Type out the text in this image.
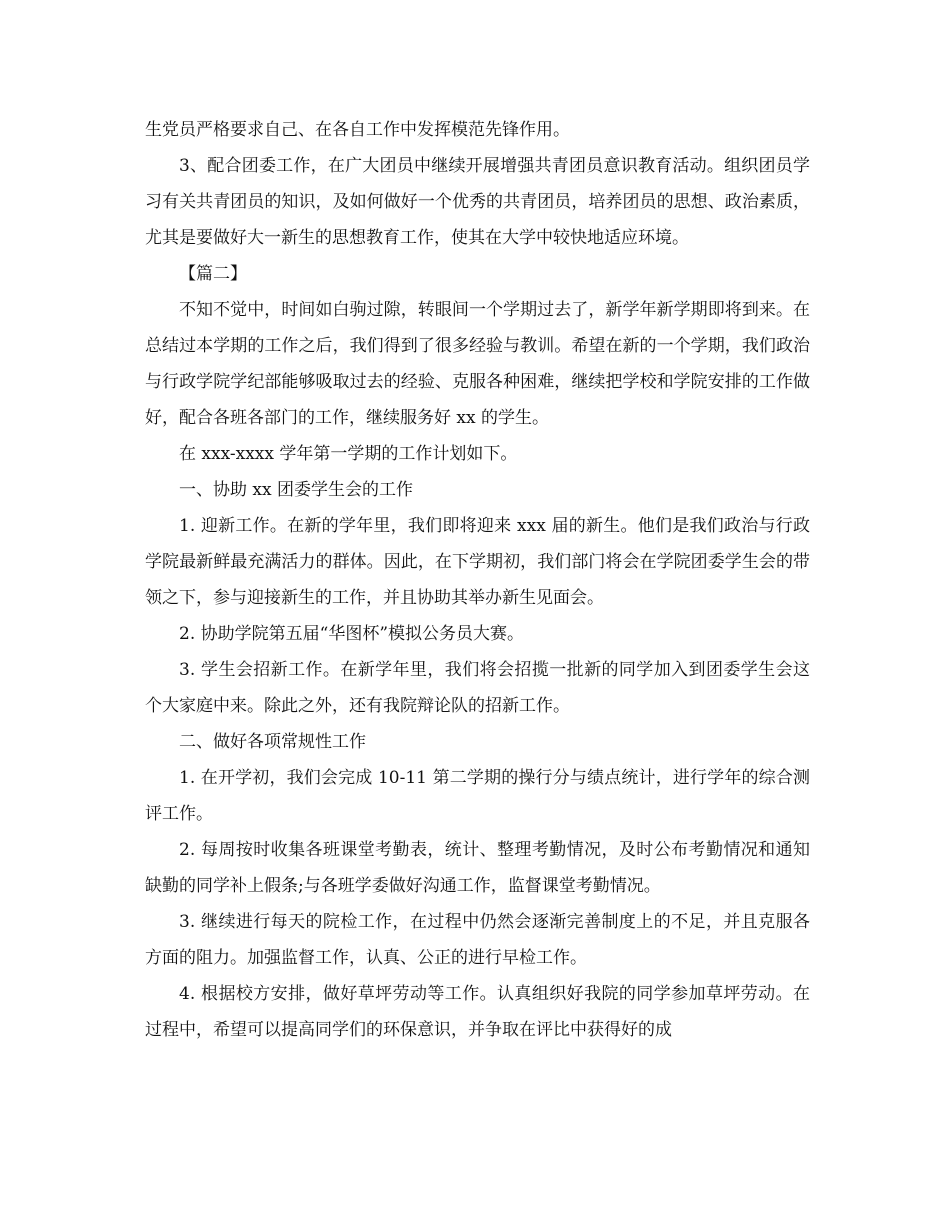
生党员严格要求自己、在各自工作中发挥模范先锋作用。

3、配合团委工作，在广大团员中继续开展增强共青团员意识教育活动。组织团员学习有关共青团员的知识，及如何做好一个优秀的共青团员，培养团员的思想、政治素质，尤其是要做好大一新生的思想教育工作，使其在大学中较快地适应环境。

【篇二】

不知不觉中，时间如白驹过隙，转眼间一个学期过去了，新学年新学期即将到来。在总结过本学期的工作之后，我们得到了很多经验与教训。希望在新的一个学期，我们政治与行政学院学纪部能够吸取过去的经验、克服各种困难，继续把学校和学院安排的工作做好，配合各班各部门的工作，继续服务好 xx 的学生。

在 xxx-xxxx 学年第一学期的工作计划如下。

一、协助 xx 团委学生会的工作

1. 迎新工作。在新的学年里，我们即将迎来 xxx 届的新生。他们是我们政治与行政学院最新鲜最充满活力的群体。因此，在下学期初，我们部门将会在学院团委学生会的带领之下，参与迎接新生的工作，并且协助其举办新生见面会。

2. 协助学院第五届“华图杯”模拟公务员大赛。

3. 学生会招新工作。在新学年里，我们将会招揽一批新的同学加入到团委学生会这个大家庭中来。除此之外，还有我院辩论队的招新工作。

二、做好各项常规性工作

1. 在开学初，我们会完成 10-11 第二学期的操行分与绩点统计，进行学年的综合测评工作。

2. 每周按时收集各班课堂考勤表，统计、整理考勤情况，及时公布考勤情况和通知缺勤的同学补上假条;与各班学委做好沟通工作，监督课堂考勤情况。

3. 继续进行每天的院检工作，在过程中仍然会逐渐完善制度上的不足，并且克服各方面的阻力。加强监督工作，认真、公正的进行早检工作。

4. 根据校方安排，做好草坪劳动等工作。认真组织好我院的同学参加草坪劳动。在过程中，希望可以提高同学们的环保意识，并争取在评比中获得好的成
